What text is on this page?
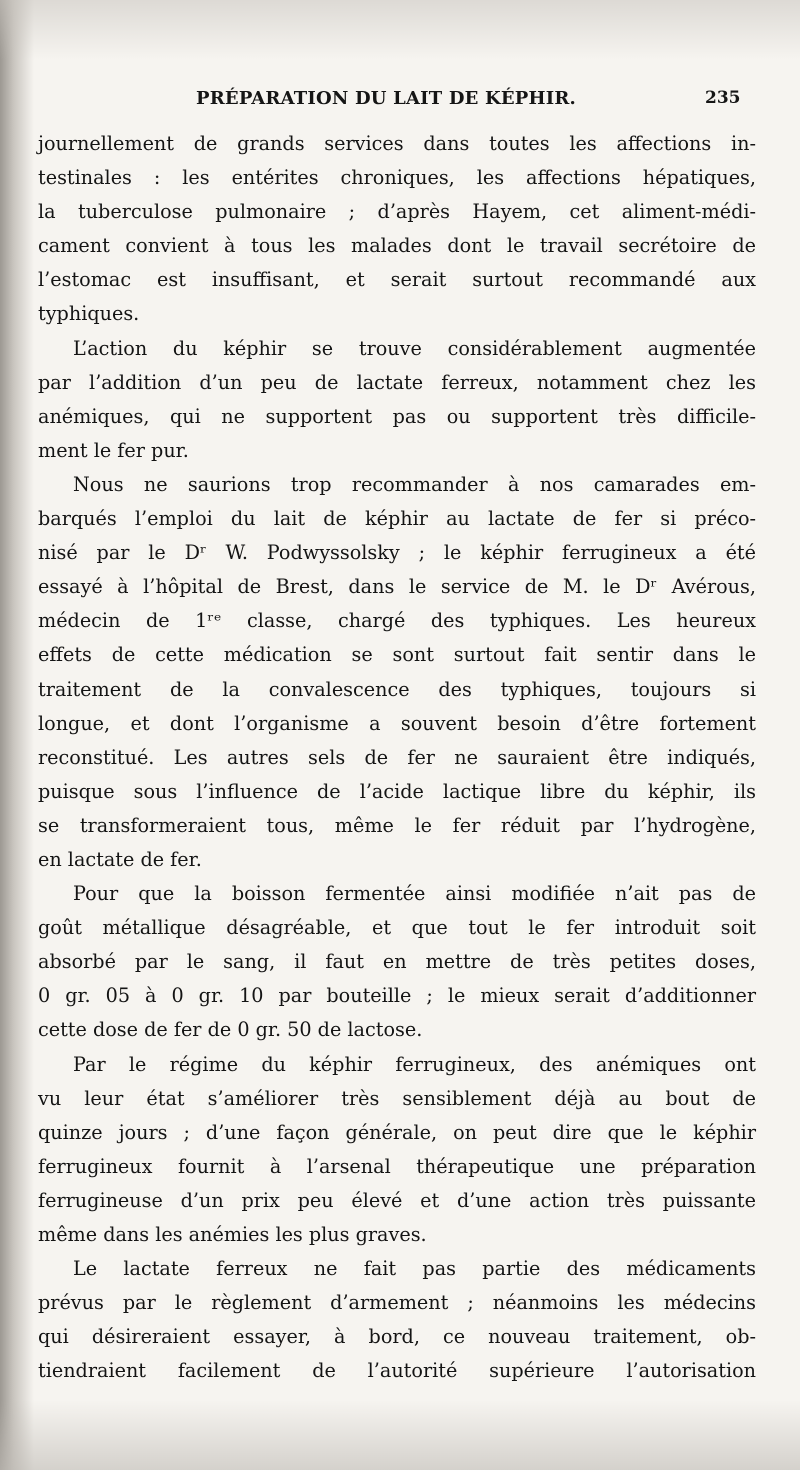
PRÉPARATION DU LAIT DE KÉPHIR.	235
journellement de grands services dans toutes les affections in-
testinales : les entérites chroniques, les affections hépatiques,
la tuberculose pulmonaire ; d’après Hayem, cet aliment-médi-
cament convient à tous les malades dont le travail secrétoire de
l’estomac est insuffisant, et serait surtout recommandé aux
typhiques.
L’action du képhir se trouve considérablement augmentée
par l’addition d’un peu de lactate ferreux, notamment chez les
anémiques, qui ne supportent pas ou supportent très difficile-
ment le fer pur.
Nous ne saurions trop recommander à nos camarades em-
barqués l’emploi du lait de képhir au lactate de fer si préco-
nisé par le Dʳ W. Podwyssolsky ; le képhir ferrugineux a été
essayé à l’hôpital de Brest, dans le service de M. le Dʳ Avérous,
médecin de 1ʳᵉ classe, chargé des typhiques. Les heureux
effets de cette médication se sont surtout fait sentir dans le
traitement de la convalescence des typhiques, toujours si
longue, et dont l’organisme a souvent besoin d’être fortement
reconstitué. Les autres sels de fer ne sauraient être indiqués,
puisque sous l’influence de l’acide lactique libre du képhir, ils
se transformeraient tous, même le fer réduit par l’hydrogène,
en lactate de fer.
Pour que la boisson fermentée ainsi modifiée n’ait pas de
goût métallique désagréable, et que tout le fer introduit soit
absorbé par le sang, il faut en mettre de très petites doses,
0 gr. 05 à 0 gr. 10 par bouteille ; le mieux serait d’additionner
cette dose de fer de 0 gr. 50 de lactose.
Par le régime du képhir ferrugineux, des anémiques ont
vu leur état s’améliorer très sensiblement déjà au bout de
quinze jours ; d’une façon générale, on peut dire que le képhir
ferrugineux fournit à l’arsenal thérapeutique une préparation
ferrugineuse d’un prix peu élevé et d’une action très puissante
même dans les anémies les plus graves.
Le lactate ferreux ne fait pas partie des médicaments
prévus par le règlement d’armement ; néanmoins les médecins
qui désireraient essayer, à bord, ce nouveau traitement, ob-
tiendraient facilement de l’autorité supérieure l’autorisation
